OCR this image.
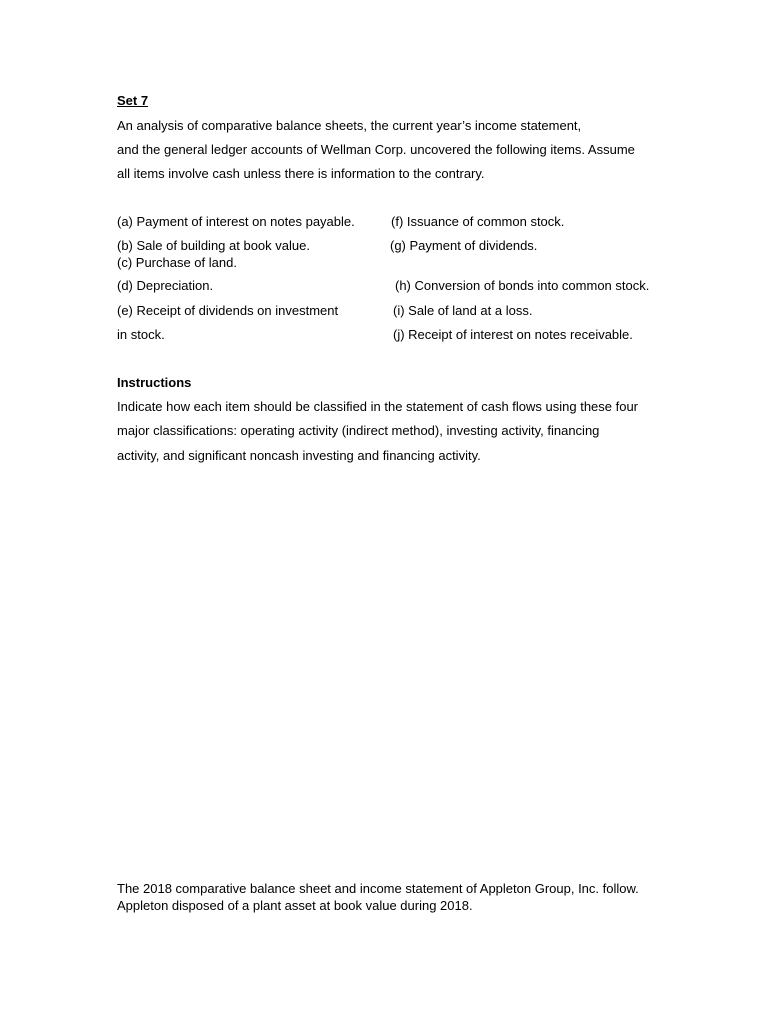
Set 7
An analysis of comparative balance sheets, the current year’s income statement,
and the general ledger accounts of Wellman Corp. uncovered the following items. Assume
all items involve cash unless there is information to the contrary.
(a) Payment of interest on notes payable.	(f) Issuance of common stock.
(b) Sale of building at book value.	(g) Payment of dividends.
(c) Purchase of land.
(d) Depreciation.	(h) Conversion of bonds into common stock.
(e) Receipt of dividends on investment	(i) Sale of land at a loss.
in stock.	(j) Receipt of interest on notes receivable.
Instructions
Indicate how each item should be classified in the statement of cash flows using these four
major classifications: operating activity (indirect method), investing activity, financing
activity, and significant noncash investing and financing activity.
The 2018 comparative balance sheet and income statement of Appleton Group, Inc. follow.
Appleton disposed of a plant asset at book value during 2018.
